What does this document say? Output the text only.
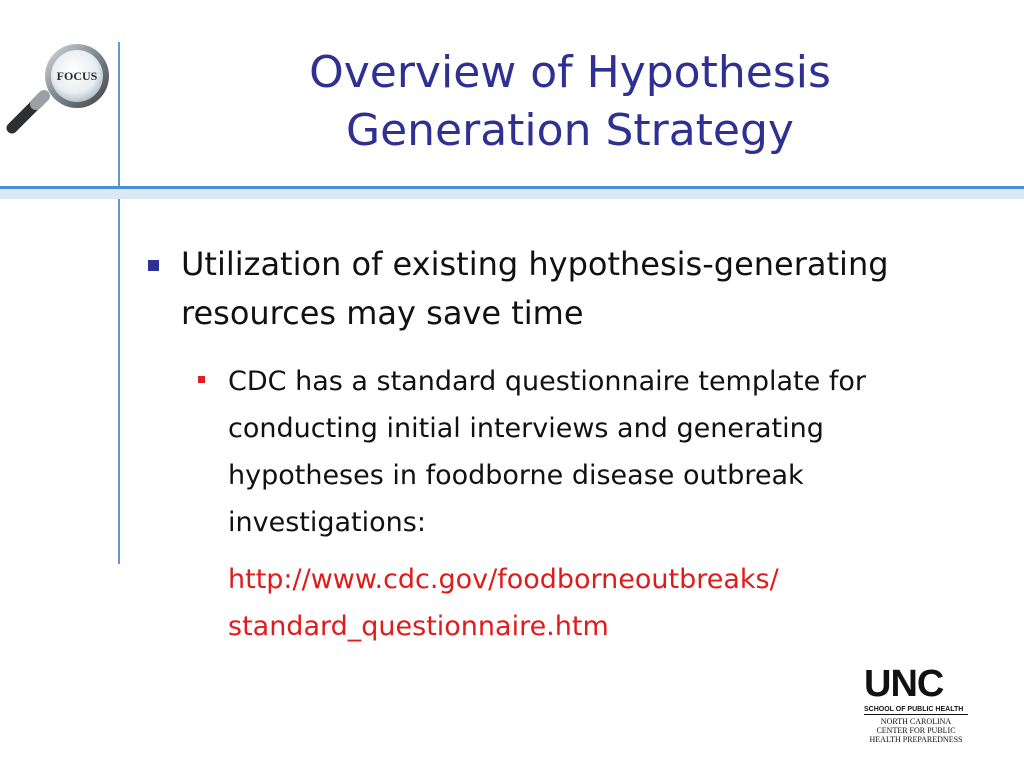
FOCUS	Overview of Hypothesis
Generation Strategy
Utilization of existing hypothesis-generating resources may save time
CDC has a standard questionnaire template for conducting initial interviews and generating hypotheses in foodborne disease outbreak investigations:
http://www.cdc.gov/foodborneoutbreaks/
standard_questionnaire.htm
UNC
SCHOOL OF PUBLIC HEALTH
NORTH CAROLINA
CENTER FOR PUBLIC
HEALTH PREPAREDNESS
